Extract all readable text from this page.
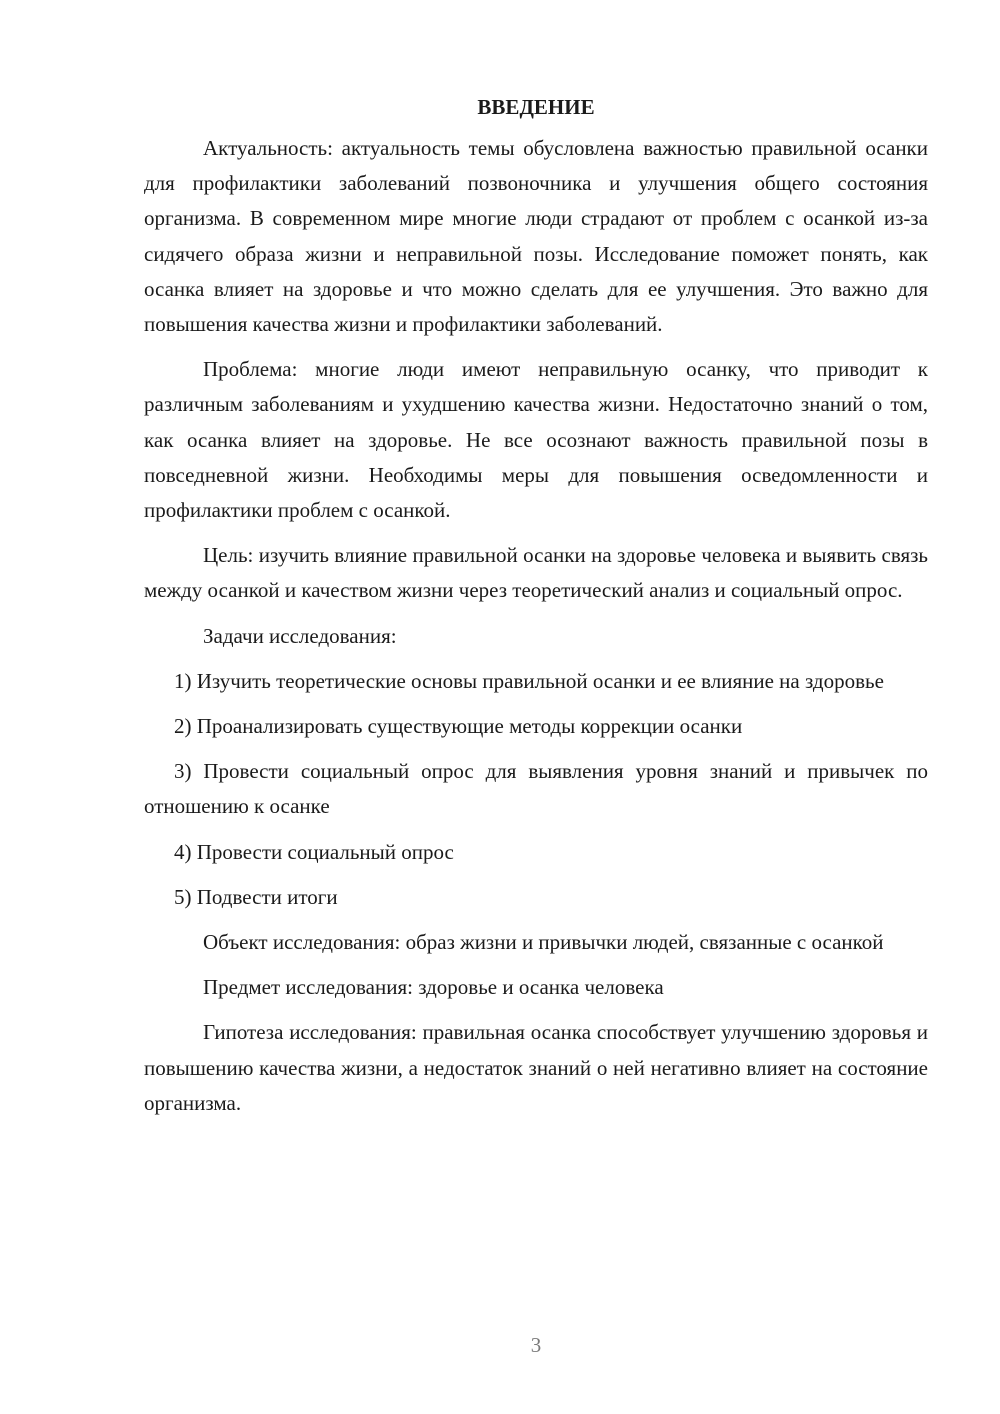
ВВЕДЕНИЕ

Актуальность: актуальность темы обусловлена важностью правильной осанки для профилактики заболеваний позвоночника и улучшения общего состояния организма. В современном мире многие люди страдают от проблем с осанкой из-за сидячего образа жизни и неправильной позы. Исследование поможет понять, как осанка влияет на здоровье и что можно сделать для ее улучшения. Это важно для повышения качества жизни и профилактики заболеваний.

Проблема: многие люди имеют неправильную осанку, что приводит к различным заболеваниям и ухудшению качества жизни. Недостаточно знаний о том, как осанка влияет на здоровье. Не все осознают важность правильной позы в повседневной жизни. Необходимы меры для повышения осведомленности и профилактики проблем с осанкой.

Цель: изучить влияние правильной осанки на здоровье человека и выявить связь между осанкой и качеством жизни через теоретический анализ и социальный опрос.

Задачи исследования:

1) Изучить теоретические основы правильной осанки и ее влияние на здоровье

2) Проанализировать существующие методы коррекции осанки

3) Провести социальный опрос для выявления уровня знаний и привычек по отношению к осанке

4) Провести социальный опрос

5) Подвести итоги

Объект исследования: образ жизни и привычки людей, связанные с осанкой

Предмет исследования: здоровье и осанка человека

Гипотеза исследования: правильная осанка способствует улучшению здоровья и повышению качества жизни, а недостаток знаний о ней негативно влияет на состояние организма.

3
